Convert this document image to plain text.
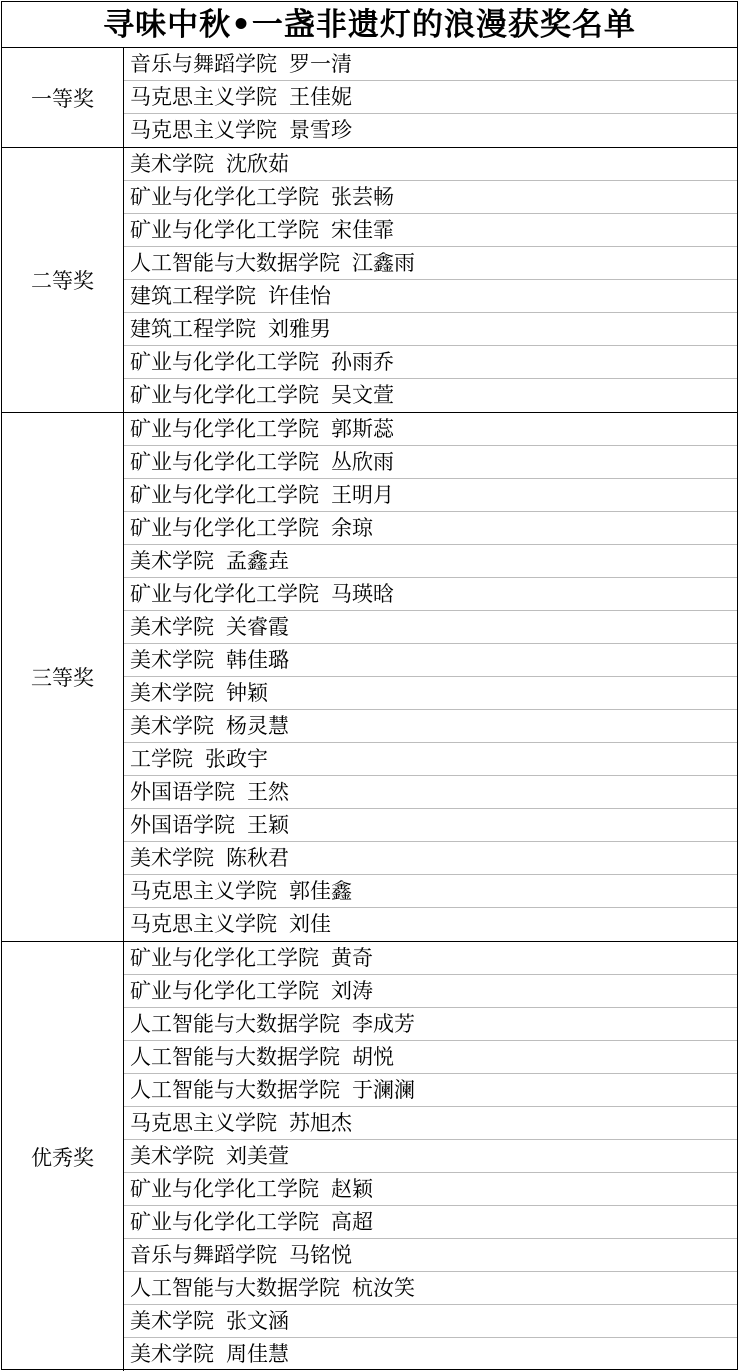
寻味中秋•一盏非遗灯的浪漫获奖名单
一等奖
音乐与舞蹈学院 罗一清
马克思主义学院 王佳妮
马克思主义学院 景雪珍
二等奖
美术学院 沈欣茹
矿业与化学化工学院 张芸畅
矿业与化学化工学院 宋佳霏
人工智能与大数据学院 江鑫雨
建筑工程学院 许佳怡
建筑工程学院 刘雅男
矿业与化学化工学院 孙雨乔
矿业与化学化工学院 吴文萱
三等奖
矿业与化学化工学院 郭斯蕊
矿业与化学化工学院 丛欣雨
矿业与化学化工学院 王明月
矿业与化学化工学院 余琼
美术学院 孟鑫垚
矿业与化学化工学院 马瑛晗
美术学院 关睿霞
美术学院 韩佳璐
美术学院 钟颖
美术学院 杨灵慧
工学院 张政宇
外国语学院 王然
外国语学院 王颖
美术学院 陈秋君
马克思主义学院 郭佳鑫
马克思主义学院 刘佳
优秀奖
矿业与化学化工学院 黄奇
矿业与化学化工学院 刘涛
人工智能与大数据学院 李成芳
人工智能与大数据学院 胡悦
人工智能与大数据学院 于澜澜
马克思主义学院 苏旭杰
美术学院 刘美萱
矿业与化学化工学院 赵颖
矿业与化学化工学院 高超
音乐与舞蹈学院 马铭悦
人工智能与大数据学院 杭汝笑
美术学院 张文涵
美术学院 周佳慧
